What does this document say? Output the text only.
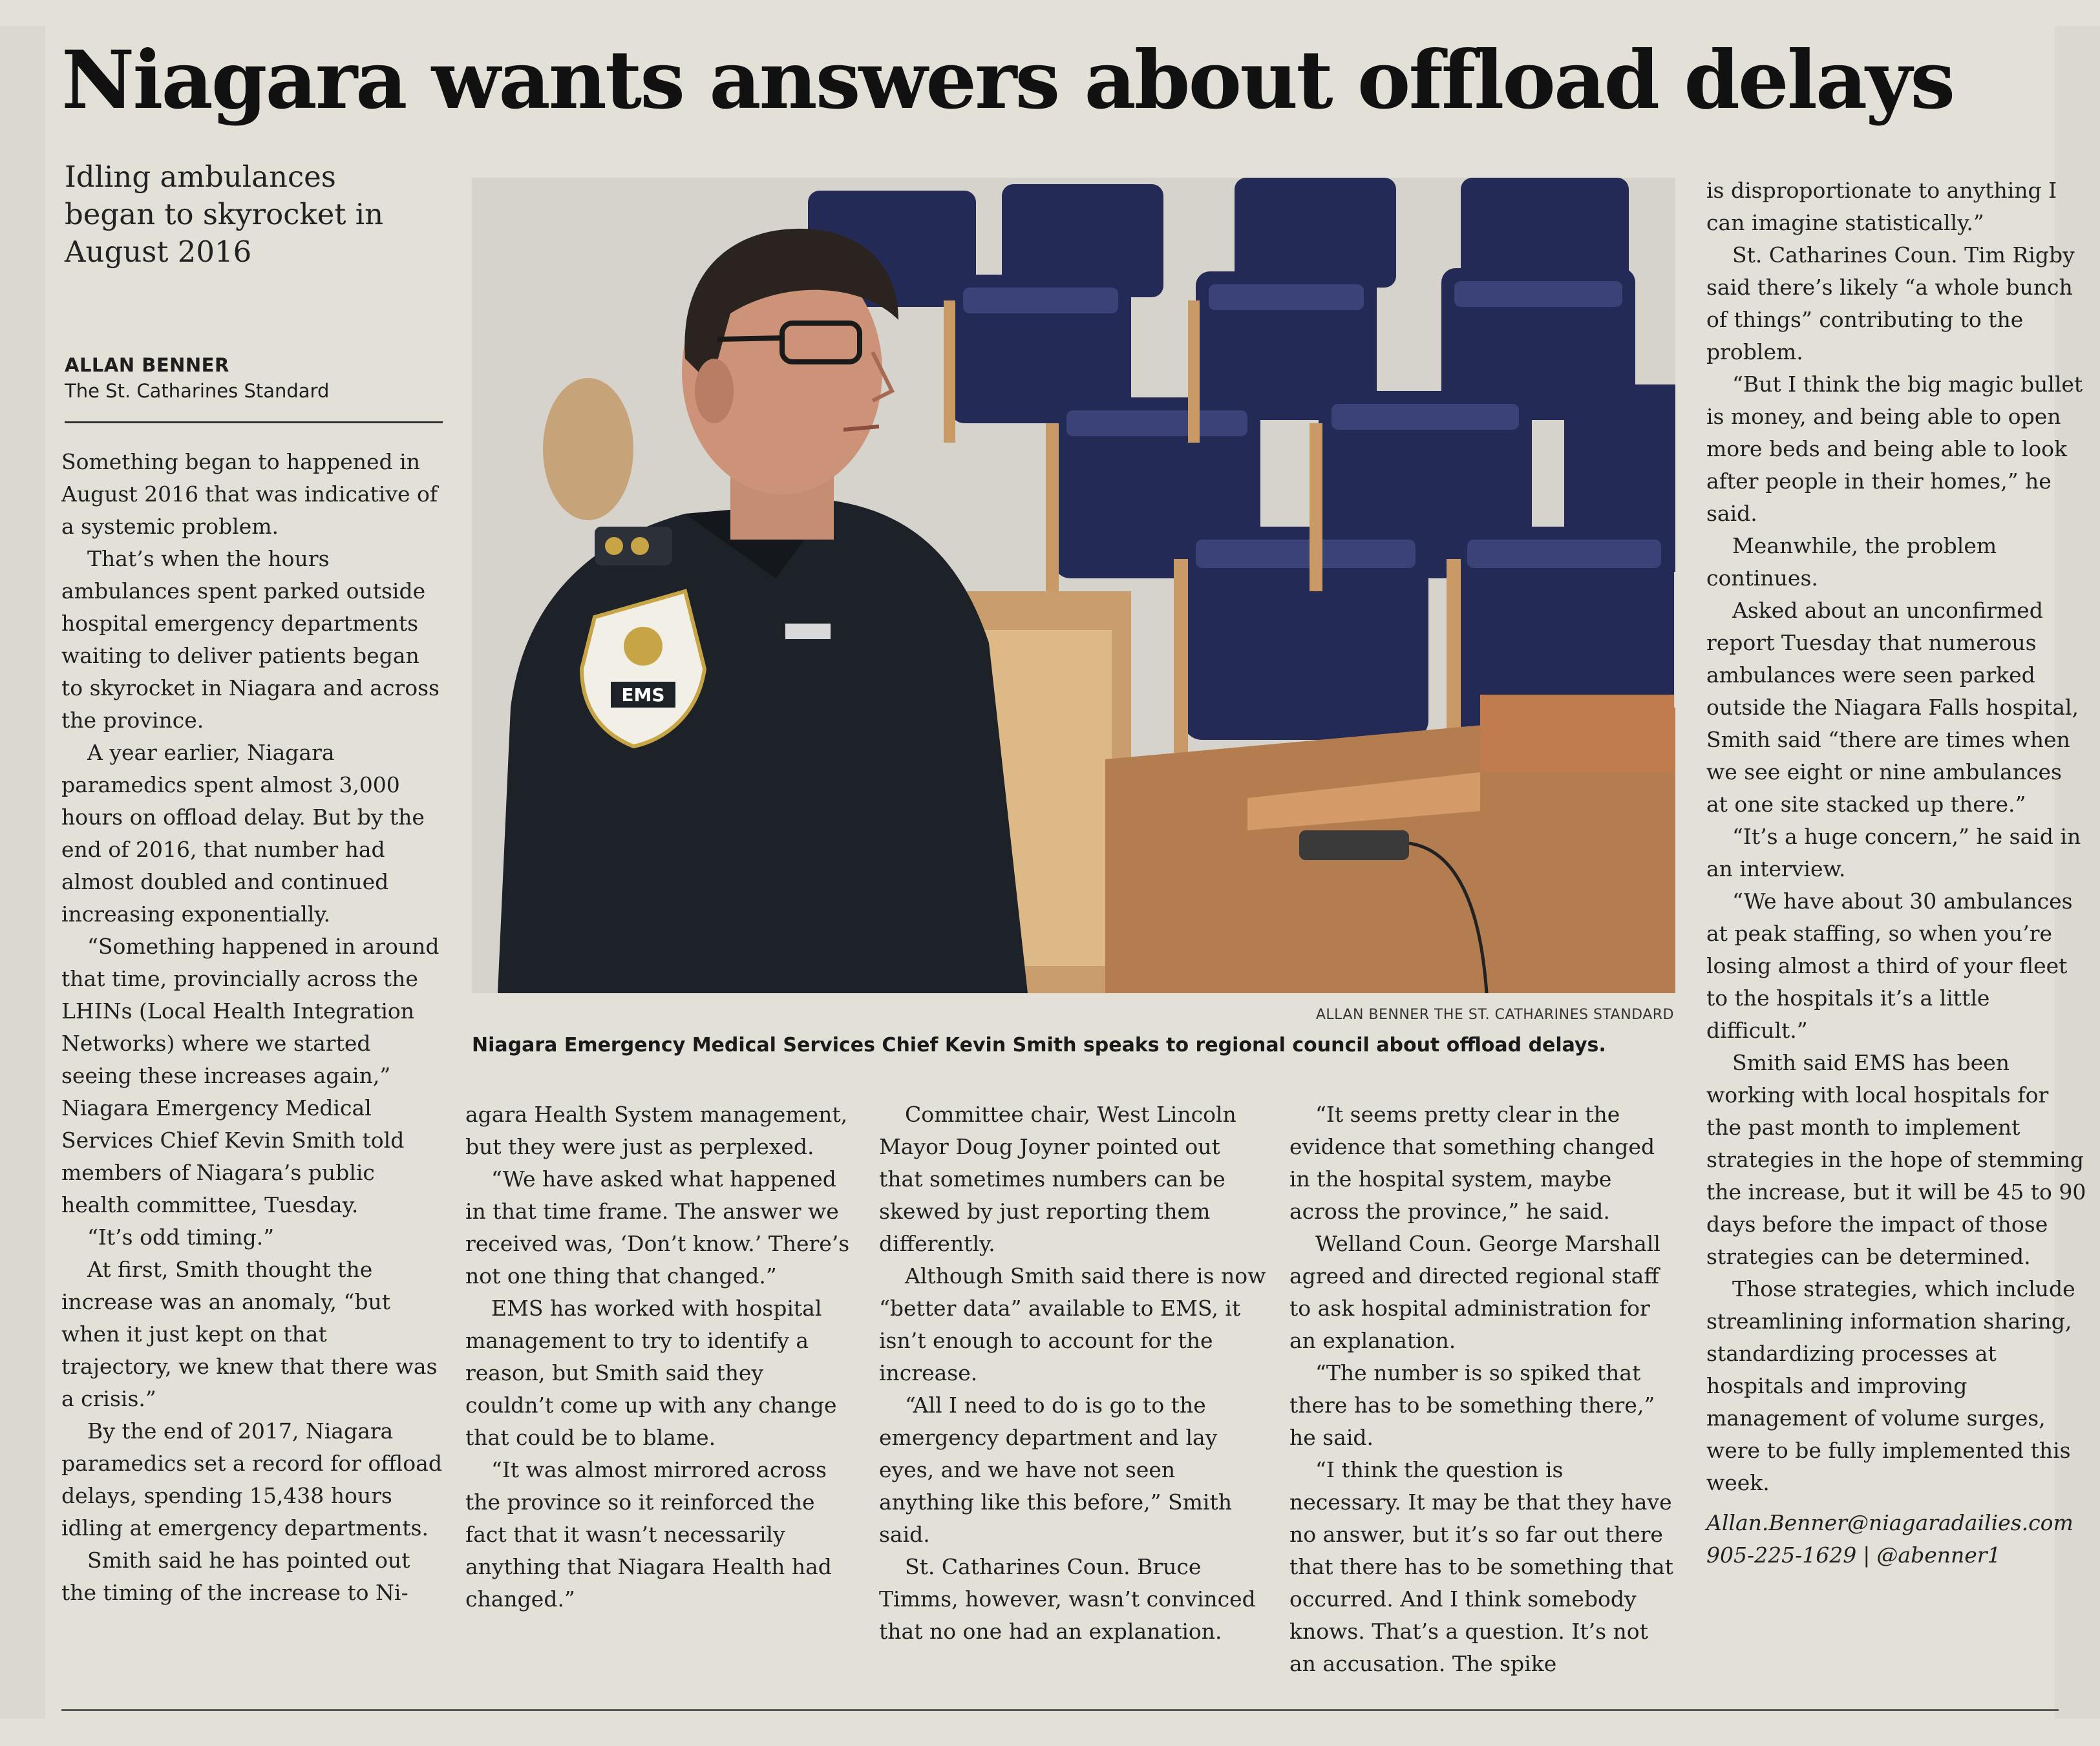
Niagara wants answers about offload delays
Idling ambulances began to skyrocket in August 2016
ALLAN BENNER
The St. Catharines Standard

Something began to happened in August 2016 that was indicative of a systemic problem.

That’s when the hours ambulances spent parked outside hospital emergency departments waiting to deliver patients began to skyrocket in Niagara and across the province.

A year earlier, Niagara paramedics spent almost 3,000 hours on offload delay. But by the end of 2016, that number had almost doubled and continued increasing exponentially.

“Something happened in around that time, provincially across the LHINs (Local Health Integration Networks) where we started seeing these increases again,” Niagara Emergency Medical Services Chief Kevin Smith told members of Niagara’s public health committee, Tuesday.

“It’s odd timing.”

At first, Smith thought the increase was an anomaly, “but when it just kept on that trajectory, we knew that there was a crisis.”

By the end of 2017, Niagara paramedics set a record for offload delays, spending 15,438 hours idling at emergency departments.

Smith said he has pointed out the timing of the increase to Ni-

EMS
ALLAN BENNER THE ST. CATHARINES STANDARD
Niagara Emergency Medical Services Chief Kevin Smith speaks to regional council about offload delays.

agara Health System management, but they were just as perplexed.

“We have asked what happened in that time frame. The answer we received was, ‘Don’t know.’ There’s not one thing that changed.”

EMS has worked with hospital management to try to identify a reason, but Smith said they couldn’t come up with any change that could be to blame.

“It was almost mirrored across the province so it reinforced the fact that it wasn’t necessarily anything that Niagara Health had changed.”

Committee chair, West Lincoln Mayor Doug Joyner pointed out that sometimes numbers can be skewed by just reporting them differently.

Although Smith said there is now “better data” available to EMS, it isn’t enough to account for the increase.

“All I need to do is go to the emergency department and lay eyes, and we have not seen anything like this before,” Smith said.

St. Catharines Coun. Bruce Timms, however, wasn’t convinced that no one had an explanation.

“It seems pretty clear in the evidence that something changed in the hospital system, maybe across the province,” he said.

Welland Coun. George Marshall agreed and directed regional staff to ask hospital administration for an explanation.

“The number is so spiked that there has to be something there,” he said.

“I think the question is necessary. It may be that they have no answer, but it’s so far out there that there has to be something that occurred. And I think somebody knows. That’s a question. It’s not an accusation. The spike

is disproportionate to anything I can imagine statistically.”

St. Catharines Coun. Tim Rigby said there’s likely “a whole bunch of things” contributing to the problem.

“But I think the big magic bullet is money, and being able to open more beds and being able to look after people in their homes,” he said.

Meanwhile, the problem continues.

Asked about an unconfirmed report Tuesday that numerous ambulances were seen parked outside the Niagara Falls hospital, Smith said “there are times when we see eight or nine ambulances at one site stacked up there.”

“It’s a huge concern,” he said in an interview.

“We have about 30 ambulances at peak staffing, so when you’re losing almost a third of your fleet to the hospitals it’s a little difficult.”

Smith said EMS has been working with local hospitals for the past month to implement strategies in the hope of stemming the increase, but it will be 45 to 90 days before the impact of those strategies can be determined.

Those strategies, which include streamlining information sharing, standardizing processes at hospitals and improving management of volume surges, were to be fully implemented this week.

Allan.Benner@niagaradailies.com

905-225-1629 | @abenner1
